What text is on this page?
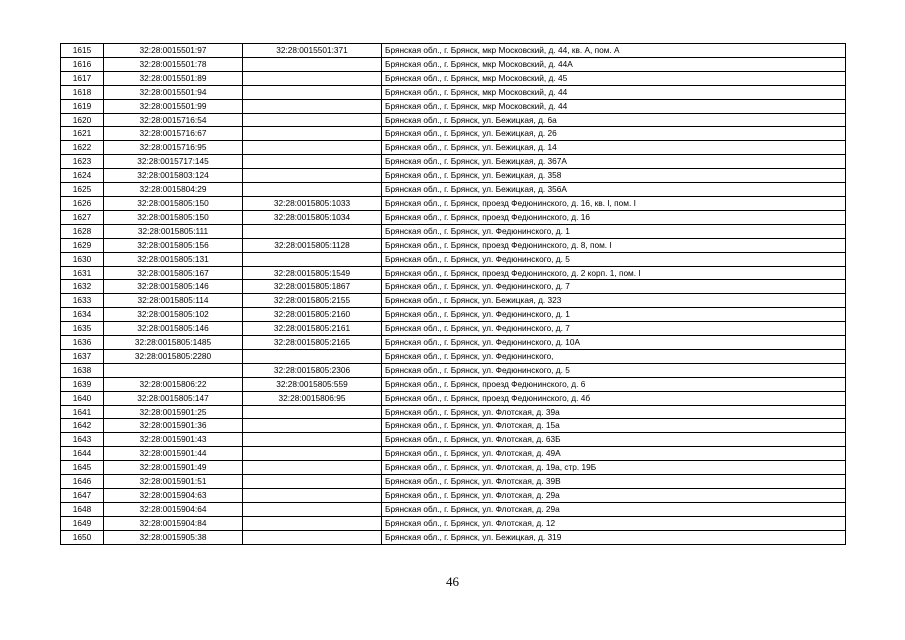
1615	32:28:0015501:97	32:28:0015501:371	Брянская обл., г. Брянск, мкр Московский, д. 44, кв. А, пом. А
1616	32:28:0015501:78		Брянская обл., г. Брянск, мкр Московский, д. 44А
1617	32:28:0015501:89		Брянская обл., г. Брянск, мкр Московский, д. 45
1618	32:28:0015501:94		Брянская обл., г. Брянск, мкр Московский, д. 44
1619	32:28:0015501:99		Брянская обл., г. Брянск, мкр Московский, д. 44
1620	32:28:0015716:54		Брянская обл., г. Брянск, ул. Бежицкая, д. 6а
1621	32:28:0015716:67		Брянская обл., г. Брянск, ул. Бежицкая, д. 26
1622	32:28:0015716:95		Брянская обл., г. Брянск, ул. Бежицкая, д. 14
1623	32:28:0015717:145		Брянская обл., г. Брянск, ул. Бежицкая, д. 367А
1624	32:28:0015803:124		Брянская обл., г. Брянск, ул. Бежицкая, д. 358
1625	32:28:0015804:29		Брянская обл., г. Брянск, ул. Бежицкая, д. 356А
1626	32:28:0015805:150	32:28:0015805:1033	Брянская обл., г. Брянск, проезд Федюнинского, д. 16, кв. I, пом. I
1627	32:28:0015805:150	32:28:0015805:1034	Брянская обл., г. Брянск, проезд Федюнинского, д. 16
1628	32:28:0015805:111		Брянская обл., г. Брянск, ул. Федюнинского, д. 1
1629	32:28:0015805:156	32:28:0015805:1128	Брянская обл., г. Брянск, проезд Федюнинского, д. 8, пом. I
1630	32:28:0015805:131		Брянская обл., г. Брянск, ул. Федюнинского, д. 5
1631	32:28:0015805:167	32:28:0015805:1549	Брянская обл., г. Брянск, проезд Федюнинского, д. 2 корп. 1, пом. I
1632	32:28:0015805:146	32:28:0015805:1867	Брянская обл., г. Брянск, ул. Федюнинского, д. 7
1633	32:28:0015805:114	32:28:0015805:2155	Брянская обл., г. Брянск, ул. Бежицкая, д. 323
1634	32:28:0015805:102	32:28:0015805:2160	Брянская обл., г. Брянск, ул. Федюнинского, д. 1
1635	32:28:0015805:146	32:28:0015805:2161	Брянская обл., г. Брянск, ул. Федюнинского, д. 7
1636	32:28:0015805:1485	32:28:0015805:2165	Брянская обл., г. Брянск, ул. Федюнинского, д. 10А
1637	32:28:0015805:2280		Брянская обл., г. Брянск, ул. Федюнинского,
1638		32:28:0015805:2306	Брянская обл., г. Брянск, ул. Федюнинского, д. 5
1639	32:28:0015806:22	32:28:0015805:559	Брянская обл., г. Брянск, проезд Федюнинского, д. 6
1640	32:28:0015805:147	32:28:0015806:95	Брянская обл., г. Брянск, проезд Федюнинского, д. 4б
1641	32:28:0015901:25		Брянская обл., г. Брянск, ул. Флотская, д. 39а
1642	32:28:0015901:36		Брянская обл., г. Брянск, ул. Флотская, д. 15а
1643	32:28:0015901:43		Брянская обл., г. Брянск, ул. Флотская, д. 63Б
1644	32:28:0015901:44		Брянская обл., г. Брянск, ул. Флотская, д. 49А
1645	32:28:0015901:49		Брянская обл., г. Брянск, ул. Флотская, д. 19а, стр. 19Б
1646	32:28:0015901:51		Брянская обл., г. Брянск, ул. Флотская, д. 39В
1647	32:28:0015904:63		Брянская обл., г. Брянск, ул. Флотская, д. 29а
1648	32:28:0015904:64		Брянская обл., г. Брянск, ул. Флотская, д. 29а
1649	32:28:0015904:84		Брянская обл., г. Брянск, ул. Флотская, д. 12
1650	32:28:0015905:38		Брянская обл., г. Брянск, ул. Бежицкая, д. 319
46
